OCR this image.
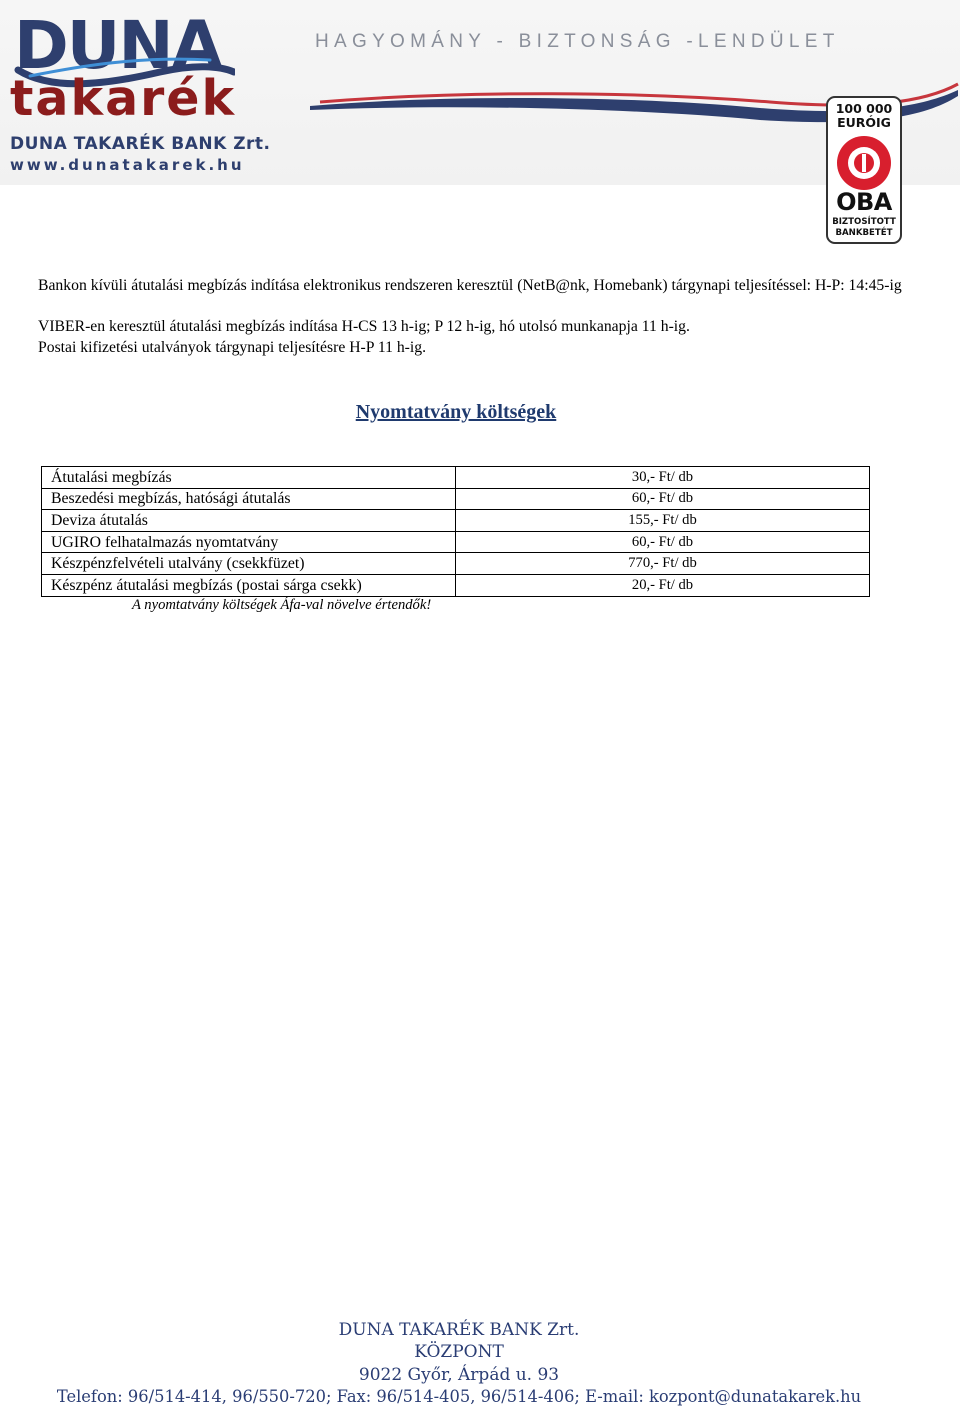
DUNA
takarék
DUNA TAKARÉK BANK Zrt.
www.dunatakarek.hu
HAGYOMÁNY - BIZTONSÁG -LENDÜLET
100 000
EURÓIG
OBA
BIZTOSÍTOTT
BANKBETÉT

Bankon kívüli átutalási megbízás indítása elektronikus rendszeren keresztül (NetB@nk, Homebank) tárgynapi teljesítéssel: H-P: 14:45-ig

VIBER-en keresztül átutalási megbízás indítása H-CS 13 h-ig; P 12 h-ig, hó utolsó munkanapja 11 h-ig.

Postai kifizetési utalványok tárgynapi teljesítésre H-P 11 h-ig.

Nyomtatvány költségek
Átutalási megbízás	30,- Ft/ db
Beszedési megbízás, hatósági átutalás	60,- Ft/ db
Deviza átutalás	155,- Ft/ db
UGIRO felhatalmazás nyomtatvány	60,- Ft/ db
Készpénzfelvételi utalvány (csekkfüzet)	770,- Ft/ db
Készpénz átutalási megbízás (postai sárga csekk)	20,- Ft/ db
A nyomtatvány költségek Áfa-val növelve értendők!
DUNA TAKARÉK BANK Zrt.
KÖZPONT
9022 Győr, Árpád u. 93
Telefon: 96/514-414, 96/550-720; Fax: 96/514-405, 96/514-406; E-mail: kozpont@dunatakarek.hu
